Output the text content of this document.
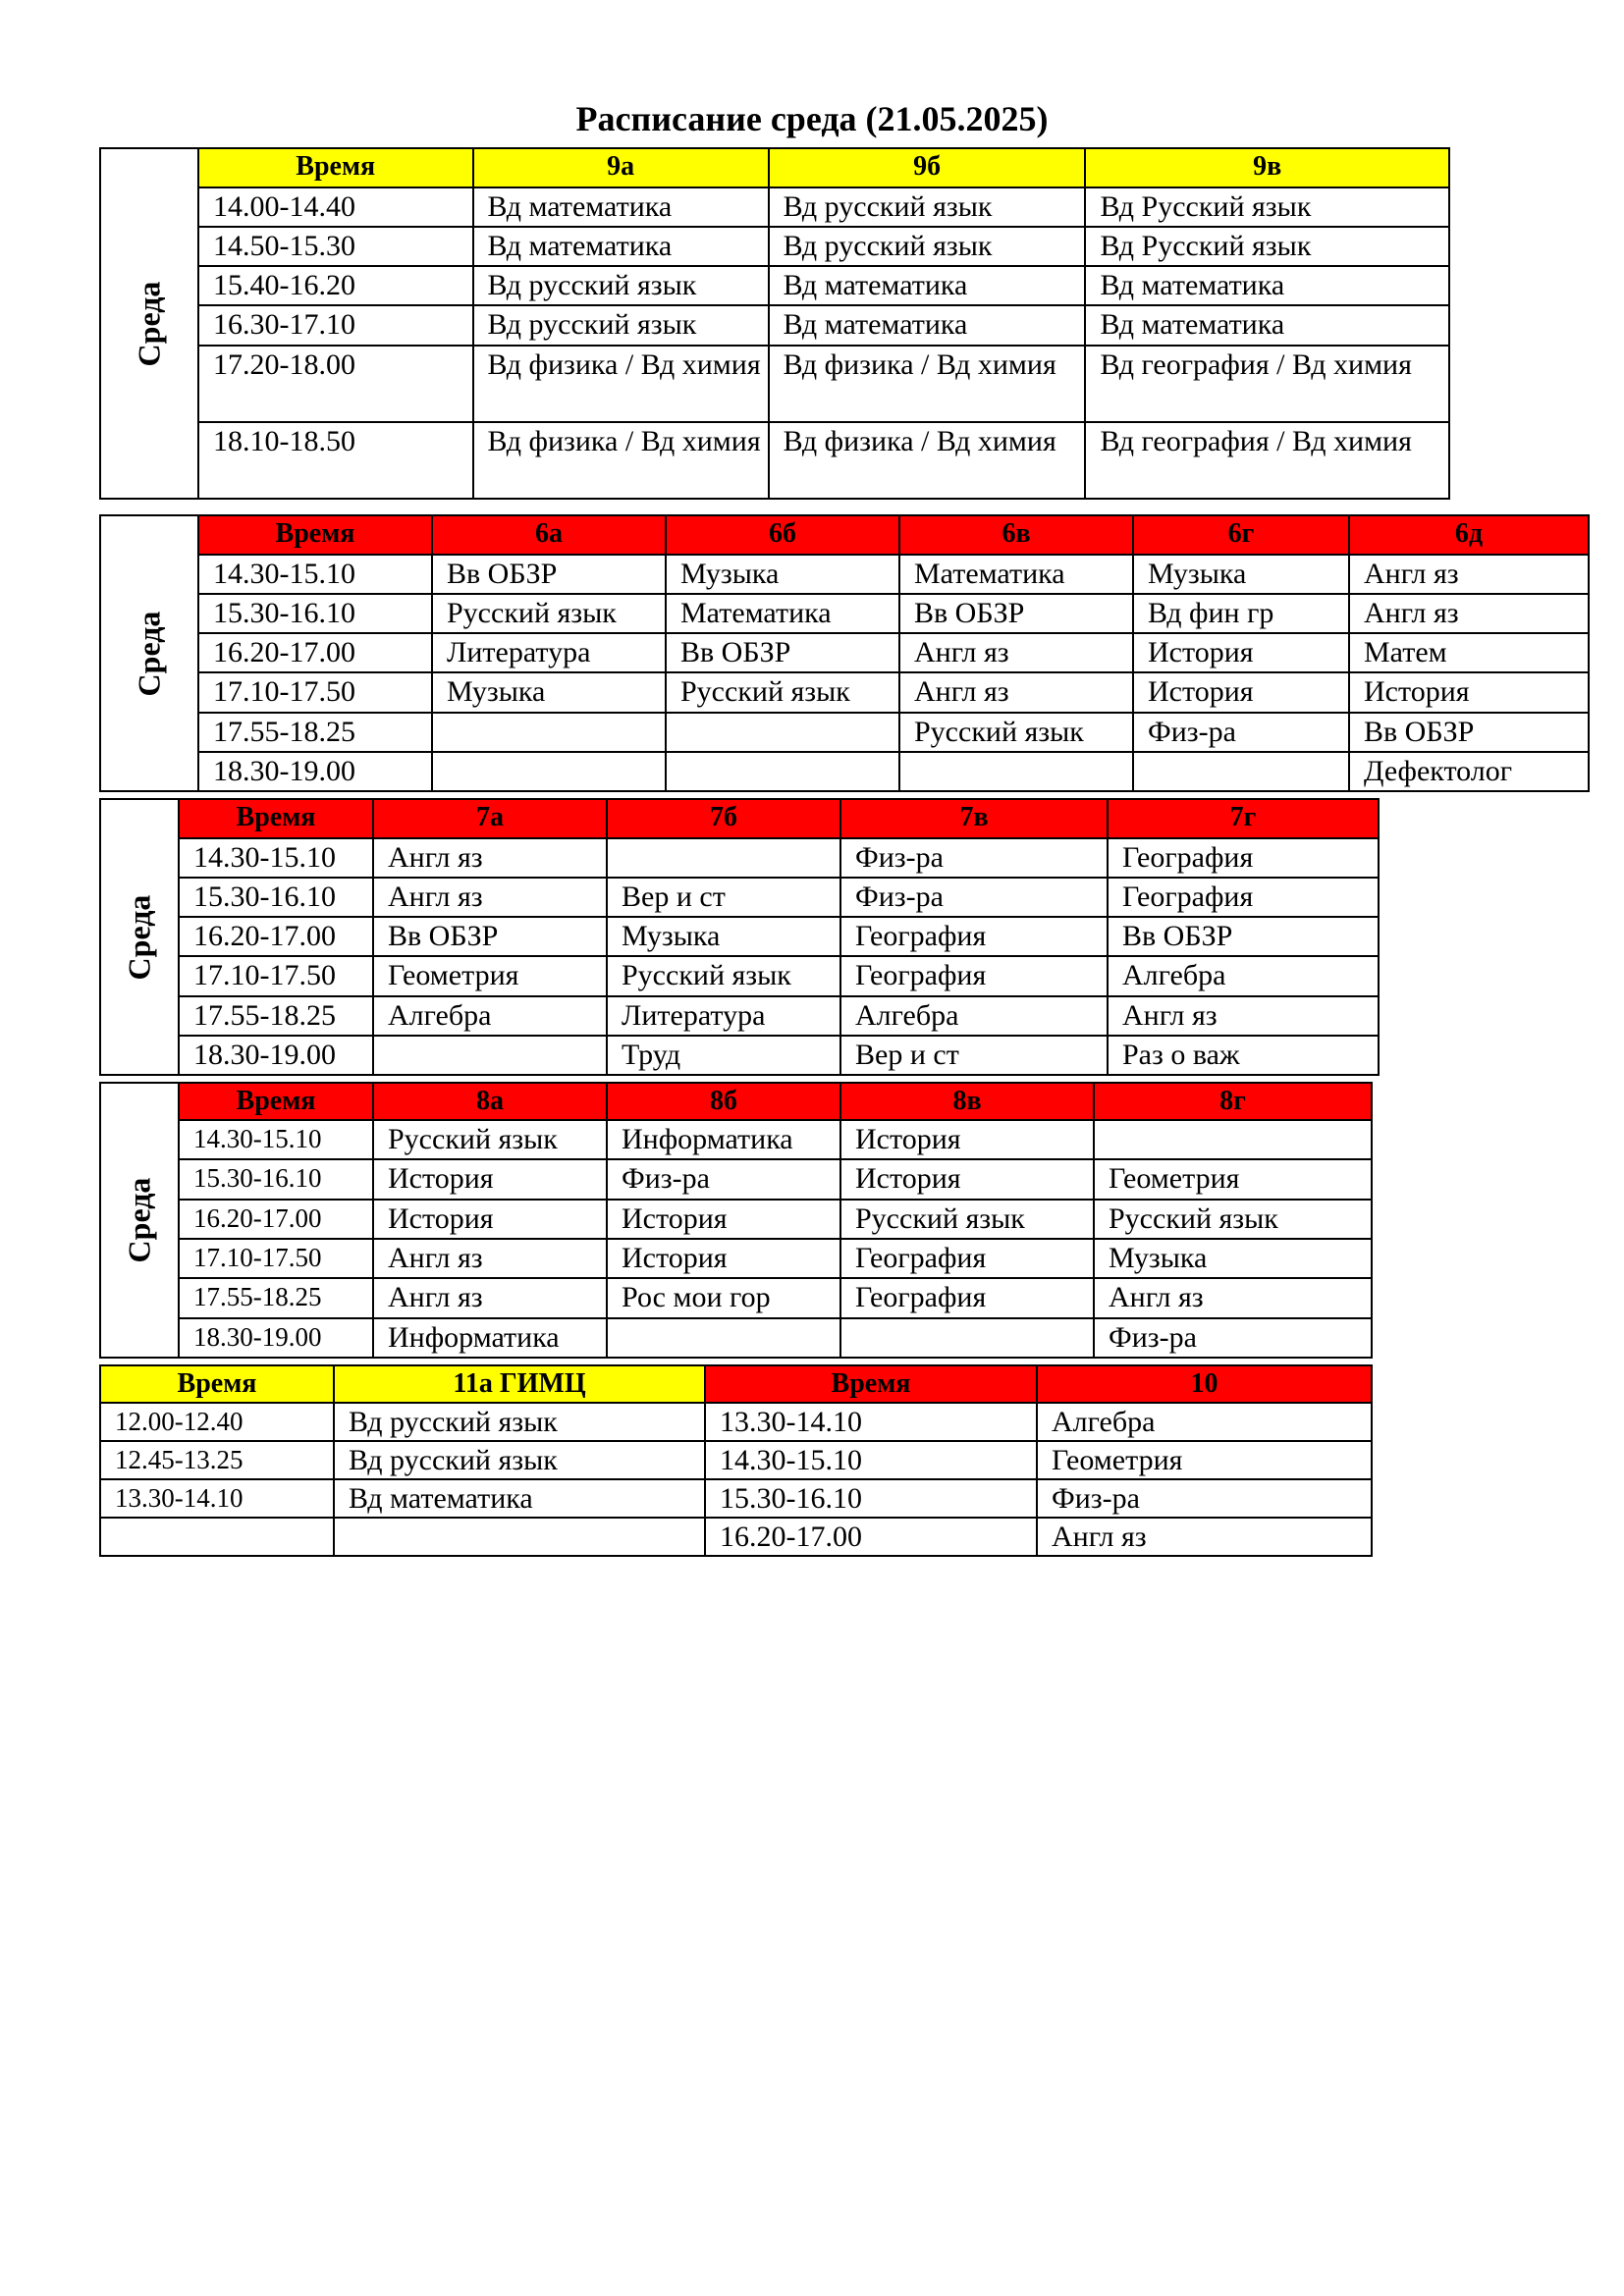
Расписание среда (21.05.2025)
Среда
Время	9а	9б	9в
14.00-14.40	Вд математика	Вд русский язык	Вд Русский язык
14.50-15.30	Вд математика	Вд русский язык	Вд Русский язык
15.40-16.20	Вд русский язык	Вд математика	Вд математика
16.30-17.10	Вд русский язык	Вд математика	Вд математика
17.20-18.00	Вд физика / Вд химия	Вд физика / Вд химия	Вд география / Вд химия
18.10-18.50	Вд физика / Вд химия	Вд физика / Вд химия	Вд география / Вд химия
Среда
Время	6а	6б	6в	6г	6д
14.30-15.10	Вв ОБЗР	Музыка	Математика	Музыка	Англ яз
15.30-16.10	Русский язык	Математика	Вв ОБЗР	Вд фин гр	Англ яз
16.20-17.00	Литература	Вв ОБЗР	Англ яз	История	Матем
17.10-17.50	Музыка	Русский язык	Англ яз	История	История
17.55-18.25			Русский язык	Физ-ра	Вв ОБЗР
18.30-19.00					Дефектолог
Среда
Время	7а	7б	7в	7г
14.30-15.10	Англ яз		Физ-ра	География
15.30-16.10	Англ яз	Вер и ст	Физ-ра	География
16.20-17.00	Вв ОБЗР	Музыка	География	Вв ОБЗР
17.10-17.50	Геометрия	Русский язык	География	Алгебра
17.55-18.25	Алгебра	Литература	Алгебра	Англ яз
18.30-19.00		Труд	Вер и ст	Раз о важ
Среда
Время	8а	8б	8в	8г
14.30-15.10	Русский язык	Информатика	История	
15.30-16.10	История	Физ-ра	История	Геометрия
16.20-17.00	История	История	Русский язык	Русский язык
17.10-17.50	Англ яз	История	География	Музыка
17.55-18.25	Англ яз	Рос мои гор	География	Англ яз
18.30-19.00	Информатика			Физ-ра
Время	11а ГИМЦ	Время	10
12.00-12.40	Вд русский язык	13.30-14.10	Алгебра
12.45-13.25	Вд русский язык	14.30-15.10	Геометрия
13.30-14.10	Вд математика	15.30-16.10	Физ-ра
		16.20-17.00	Англ яз
